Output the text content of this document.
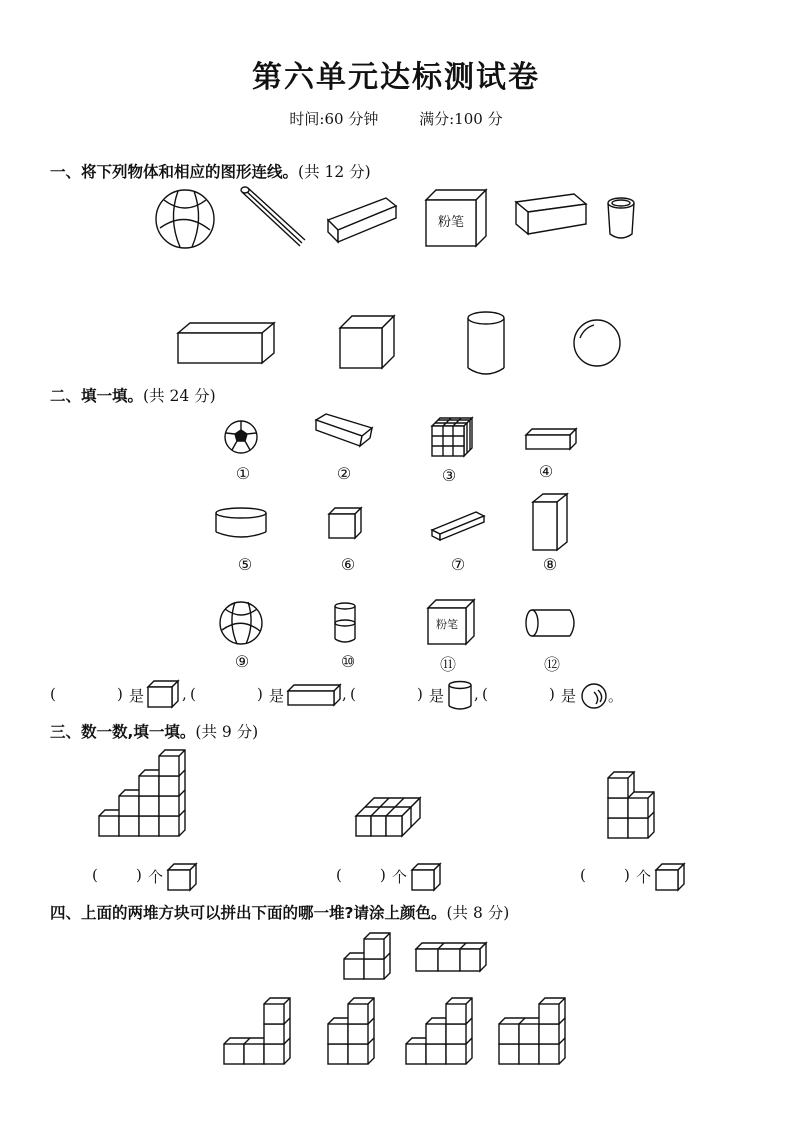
第六单元达标测试卷
时间:60 分钟	满分:100 分
一、将下列物体和相应的图形连线。(共 12 分)
粉笔
二、填一填。(共 24 分)
①	②	③	④
⑤	⑥	⑦	⑧
粉笔
⑨	⑩	⑪	⑫
(	) 是	, (	) 是	, (	) 是 , (	) 是 。
三、数一数,填一填。(共 9 分)
(	) 个	(	) 个	(	) 个
四、上面的两堆方块可以拼出下面的哪一堆?请涂上颜色。(共 8 分)
